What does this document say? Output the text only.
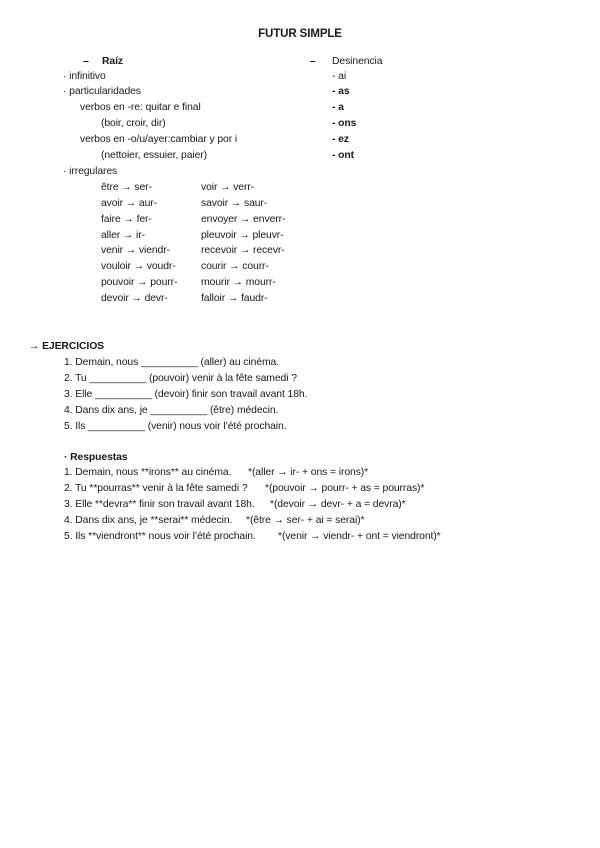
FUTUR SIMPLE
– Raíz	– Desinencia
· infinitivo
· particularidades
verbos en -re: quitar e final
(boir, croir, dir)
verbos en -o/u/ayer:cambiar y por i
(nettoier, essuier, paier)
· irregulares
- ai
- as
- a
- ons
- ez
- ont
être → ser-
avoir → aur-
faire → fer-
aller → ir-
venir → viendr-
vouloir → voudr-
pouvoir → pourr-
devoir → devr-
voir → verr-
savoir → saur-
envoyer → enverr-
pleuvoir → pleuvr-
recevoir → recevr-
courir → courr-
mourir → mourr-
falloir → faudr-
→ EJERCICIOS
1. Demain, nous __________ (aller) au cinéma.
2. Tu __________ (pouvoir) venir à la fête samedi ?
3. Elle __________ (devoir) finir son travail avant 18h.
4. Dans dix ans, je __________ (être) médecin.
5. Ils __________ (venir) nous voir l’été prochain.
· Respuestas
1. Demain, nous **irons** au cinéma. *(aller → ir- + ons = irons)*
2. Tu **pourras** venir à la fête samedi ? *(pouvoir → pourr- + as = pourras)*
3. Elle **devra** finir son travail avant 18h. *(devoir → devr- + a = devra)*
4. Dans dix ans, je **serai** médecin. *(être → ser- + ai = serai)*
5. Ils **viendront** nous voir l’été prochain. *(venir → viendr- + ont = viendront)*
